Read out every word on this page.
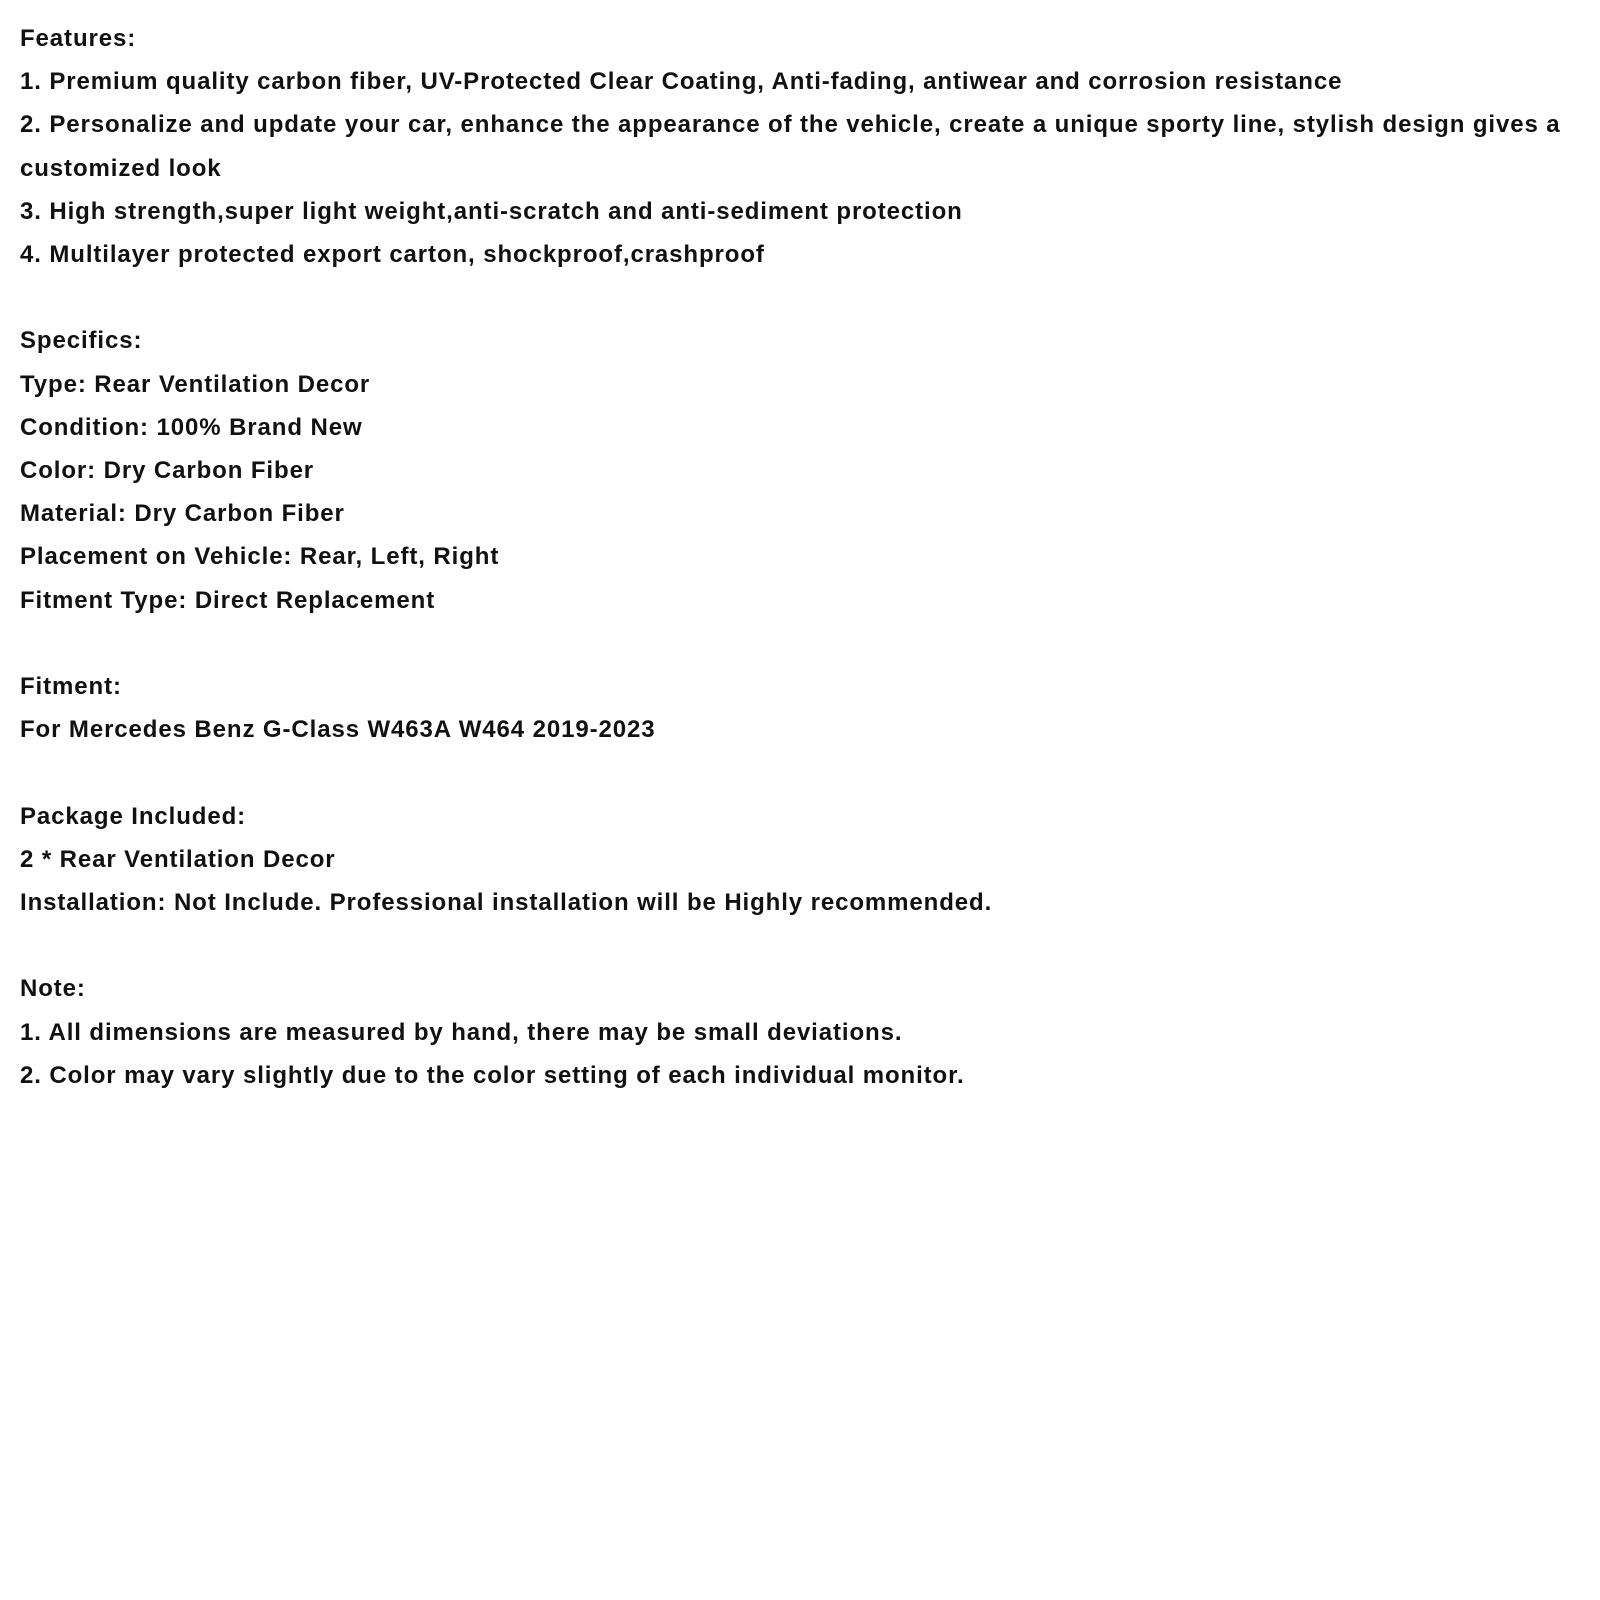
Features:
1. Premium quality carbon fiber, UV-Protected Clear Coating, Anti-fading, antiwear and corrosion resistance
2. Personalize and update your car, enhance the appearance of the vehicle, create a unique sporty line, stylish design gives a customized look
3. High strength,super light weight,anti-scratch and anti-sediment protection
4. Multilayer protected export carton, shockproof,crashproof
Specifics:
Type: Rear Ventilation Decor
Condition: 100% Brand New
Color: Dry Carbon Fiber
Material: Dry Carbon Fiber
Placement on Vehicle: Rear, Left, Right
Fitment Type: Direct Replacement
Fitment:
For Mercedes Benz G-Class W463A W464 2019-2023
Package Included:
2 * Rear Ventilation Decor
Installation: Not Include. Professional installation will be Highly recommended.
Note:
1. All dimensions are measured by hand, there may be small deviations.
2. Color may vary slightly due to the color setting of each individual monitor.
